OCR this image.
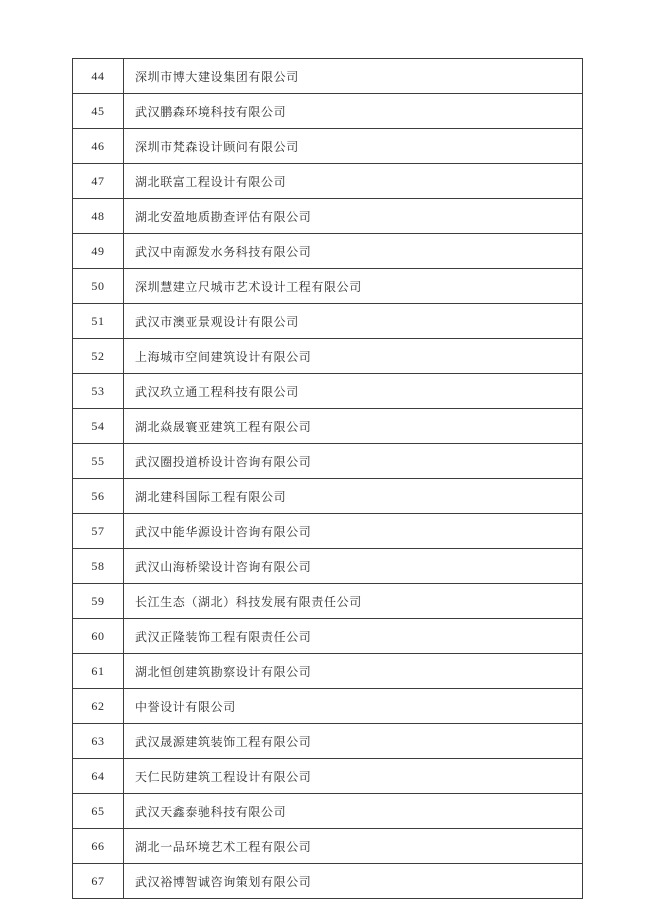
44	深圳市博大建设集团有限公司
45	武汉鹏森环境科技有限公司
46	深圳市梵森设计顾问有限公司
47	湖北联富工程设计有限公司
48	湖北安盈地质勘查评估有限公司
49	武汉中南源发水务科技有限公司
50	深圳慧建立尺城市艺术设计工程有限公司
51	武汉市澳亚景观设计有限公司
52	上海城市空间建筑设计有限公司
53	武汉玖立通工程科技有限公司
54	湖北焱晟寰亚建筑工程有限公司
55	武汉圈投道桥设计咨询有限公司
56	湖北建科国际工程有限公司
57	武汉中能华源设计咨询有限公司
58	武汉山海桥梁设计咨询有限公司
59	长江生态（湖北）科技发展有限责任公司
60	武汉正隆装饰工程有限责任公司
61	湖北恒创建筑勘察设计有限公司
62	中誉设计有限公司
63	武汉晟源建筑装饰工程有限公司
64	天仁民防建筑工程设计有限公司
65	武汉天鑫泰驰科技有限公司
66	湖北一品环境艺术工程有限公司
67	武汉裕博智诚咨询策划有限公司
